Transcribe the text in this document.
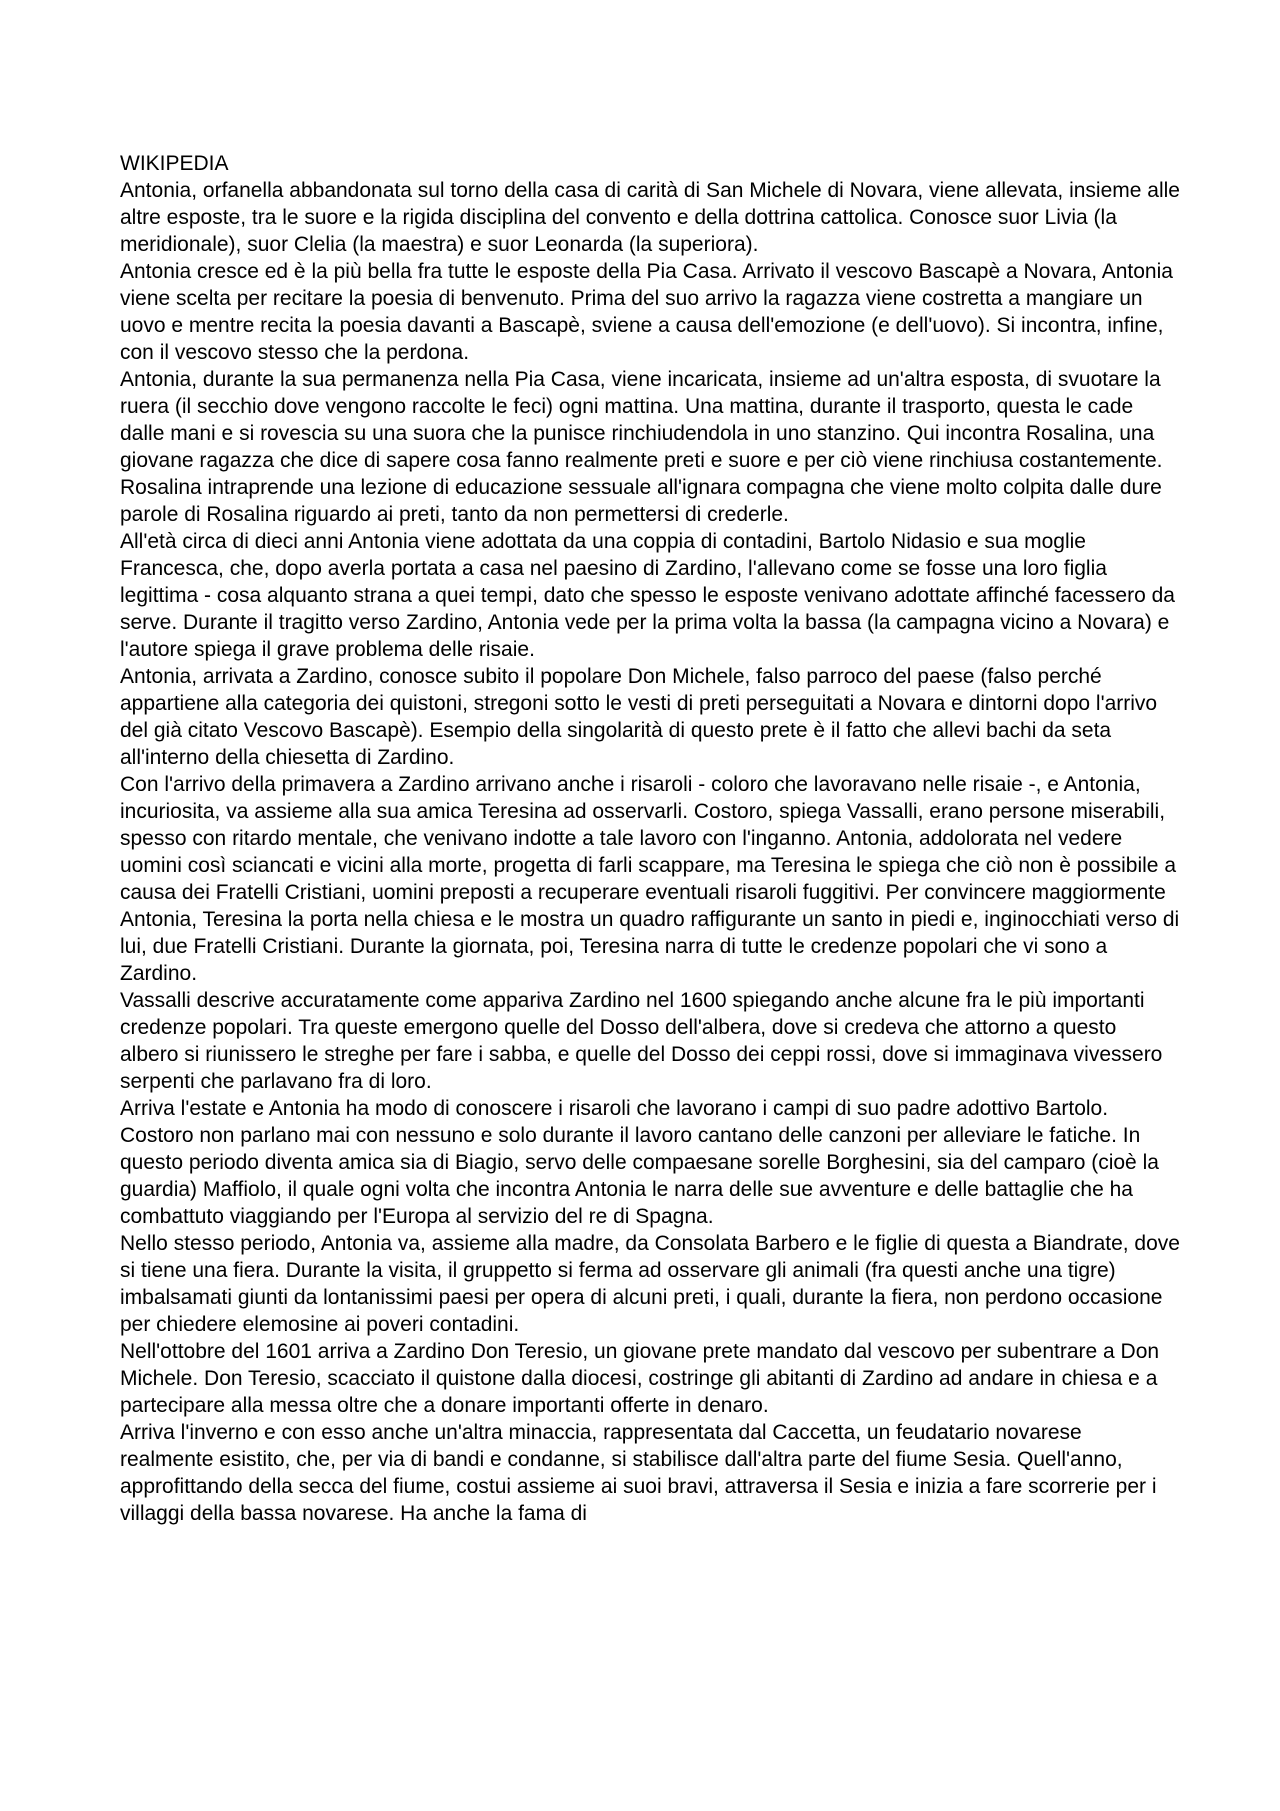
WIKIPEDIA

Antonia, orfanella abbandonata sul torno della casa di carità di San Michele di Novara, viene allevata, insieme alle altre esposte, tra le suore e la rigida disciplina del convento e della dottrina cattolica. Conosce suor Livia (la meridionale), suor Clelia (la maestra) e suor Leonarda (la superiora).

Antonia cresce ed è la più bella fra tutte le esposte della Pia Casa. Arrivato il vescovo Bascapè a Novara, Antonia viene scelta per recitare la poesia di benvenuto. Prima del suo arrivo la ragazza viene costretta a mangiare un uovo e mentre recita la poesia davanti a Bascapè, sviene a causa dell'emozione (e dell'uovo). Si incontra, infine, con il vescovo stesso che la perdona.

Antonia, durante la sua permanenza nella Pia Casa, viene incaricata, insieme ad un'altra esposta, di svuotare la ruera (il secchio dove vengono raccolte le feci) ogni mattina. Una mattina, durante il trasporto, questa le cade dalle mani e si rovescia su una suora che la punisce rinchiudendola in uno stanzino. Qui incontra Rosalina, una giovane ragazza che dice di sapere cosa fanno realmente preti e suore e per ciò viene rinchiusa costantemente. Rosalina intraprende una lezione di educazione sessuale all'ignara compagna che viene molto colpita dalle dure parole di Rosalina riguardo ai preti, tanto da non permettersi di crederle.

All'età circa di dieci anni Antonia viene adottata da una coppia di contadini, Bartolo Nidasio e sua moglie Francesca, che, dopo averla portata a casa nel paesino di Zardino, l'allevano come se fosse una loro figlia legittima - cosa alquanto strana a quei tempi, dato che spesso le esposte venivano adottate affinché facessero da serve. Durante il tragitto verso Zardino, Antonia vede per la prima volta la bassa (la campagna vicino a Novara) e l'autore spiega il grave problema delle risaie.

Antonia, arrivata a Zardino, conosce subito il popolare Don Michele, falso parroco del paese (falso perché appartiene alla categoria dei quistoni, stregoni sotto le vesti di preti perseguitati a Novara e dintorni dopo l'arrivo del già citato Vescovo Bascapè). Esempio della singolarità di questo prete è il fatto che allevi bachi da seta all'interno della chiesetta di Zardino.

Con l'arrivo della primavera a Zardino arrivano anche i risaroli - coloro che lavoravano nelle risaie -, e Antonia, incuriosita, va assieme alla sua amica Teresina ad osservarli. Costoro, spiega Vassalli, erano persone miserabili, spesso con ritardo mentale, che venivano indotte a tale lavoro con l'inganno. Antonia, addolorata nel vedere uomini così sciancati e vicini alla morte, progetta di farli scappare, ma Teresina le spiega che ciò non è possibile a causa dei Fratelli Cristiani, uomini preposti a recuperare eventuali risaroli fuggitivi. Per convincere maggiormente Antonia, Teresina la porta nella chiesa e le mostra un quadro raffigurante un santo in piedi e, inginocchiati verso di lui, due Fratelli Cristiani. Durante la giornata, poi, Teresina narra di tutte le credenze popolari che vi sono a Zardino.

Vassalli descrive accuratamente come appariva Zardino nel 1600 spiegando anche alcune fra le più importanti credenze popolari. Tra queste emergono quelle del Dosso dell'albera, dove si credeva che attorno a questo albero si riunissero le streghe per fare i sabba, e quelle del Dosso dei ceppi rossi, dove si immaginava vivessero serpenti che parlavano fra di loro.

Arriva l'estate e Antonia ha modo di conoscere i risaroli che lavorano i campi di suo padre adottivo Bartolo. Costoro non parlano mai con nessuno e solo durante il lavoro cantano delle canzoni per alleviare le fatiche. In questo periodo diventa amica sia di Biagio, servo delle compaesane sorelle Borghesini, sia del camparo (cioè la guardia) Maffiolo, il quale ogni volta che incontra Antonia le narra delle sue avventure e delle battaglie che ha combattuto viaggiando per l'Europa al servizio del re di Spagna.

Nello stesso periodo, Antonia va, assieme alla madre, da Consolata Barbero e le figlie di questa a Biandrate, dove si tiene una fiera. Durante la visita, il gruppetto si ferma ad osservare gli animali (fra questi anche una tigre) imbalsamati giunti da lontanissimi paesi per opera di alcuni preti, i quali, durante la fiera, non perdono occasione per chiedere elemosine ai poveri contadini.

Nell'ottobre del 1601 arriva a Zardino Don Teresio, un giovane prete mandato dal vescovo per subentrare a Don Michele. Don Teresio, scacciato il quistone dalla diocesi, costringe gli abitanti di Zardino ad andare in chiesa e a partecipare alla messa oltre che a donare importanti offerte in denaro.

Arriva l'inverno e con esso anche un'altra minaccia, rappresentata dal Caccetta, un feudatario novarese realmente esistito, che, per via di bandi e condanne, si stabilisce dall'altra parte del fiume Sesia. Quell'anno, approfittando della secca del fiume, costui assieme ai suoi bravi, attraversa il Sesia e inizia a fare scorrerie per i villaggi della bassa novarese. Ha anche la fama di
